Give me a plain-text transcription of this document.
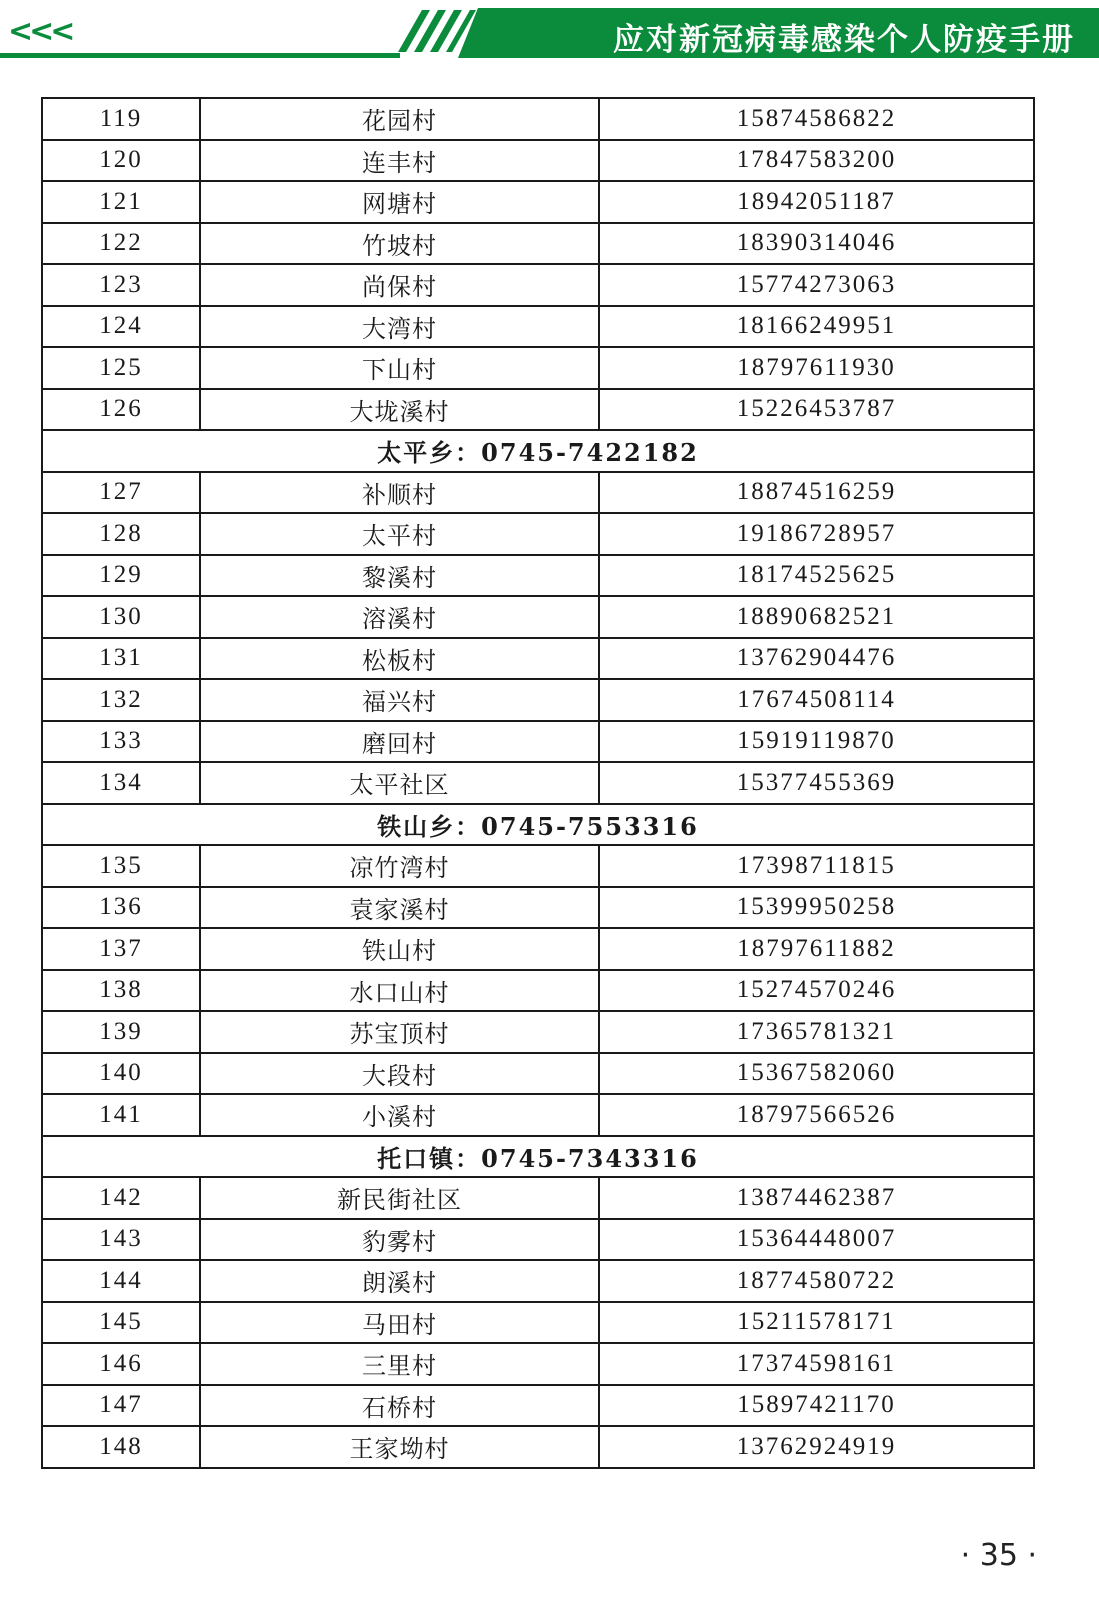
<<<	应对新冠病毒感染个人防疫手册
119	花园村	15874586822
120	连丰村	17847583200
121	网塘村	18942051187
122	竹坡村	18390314046
123	尚保村	15774273063
124	大湾村	18166249951
125	下山村	18797611930
126	大垅溪村	15226453787
太平乡：0745-7422182		
127	补顺村	18874516259
128	太平村	19186728957
129	黎溪村	18174525625
130	溶溪村	18890682521
131	松板村	13762904476
132	福兴村	17674508114
133	磨回村	15919119870
134	太平社区	15377455369
铁山乡：0745-7553316		
135	凉竹湾村	17398711815
136	袁家溪村	15399950258
137	铁山村	18797611882
138	水口山村	15274570246
139	苏宝顶村	17365781321
140	大段村	15367582060
141	小溪村	18797566526
托口镇：0745-7343316		
142	新民街社区	13874462387
143	豹雾村	15364448007
144	朗溪村	18774580722
145	马田村	15211578171
146	三里村	17374598161
147	石桥村	15897421170
148	王家坳村	13762924919
· 35 ·
